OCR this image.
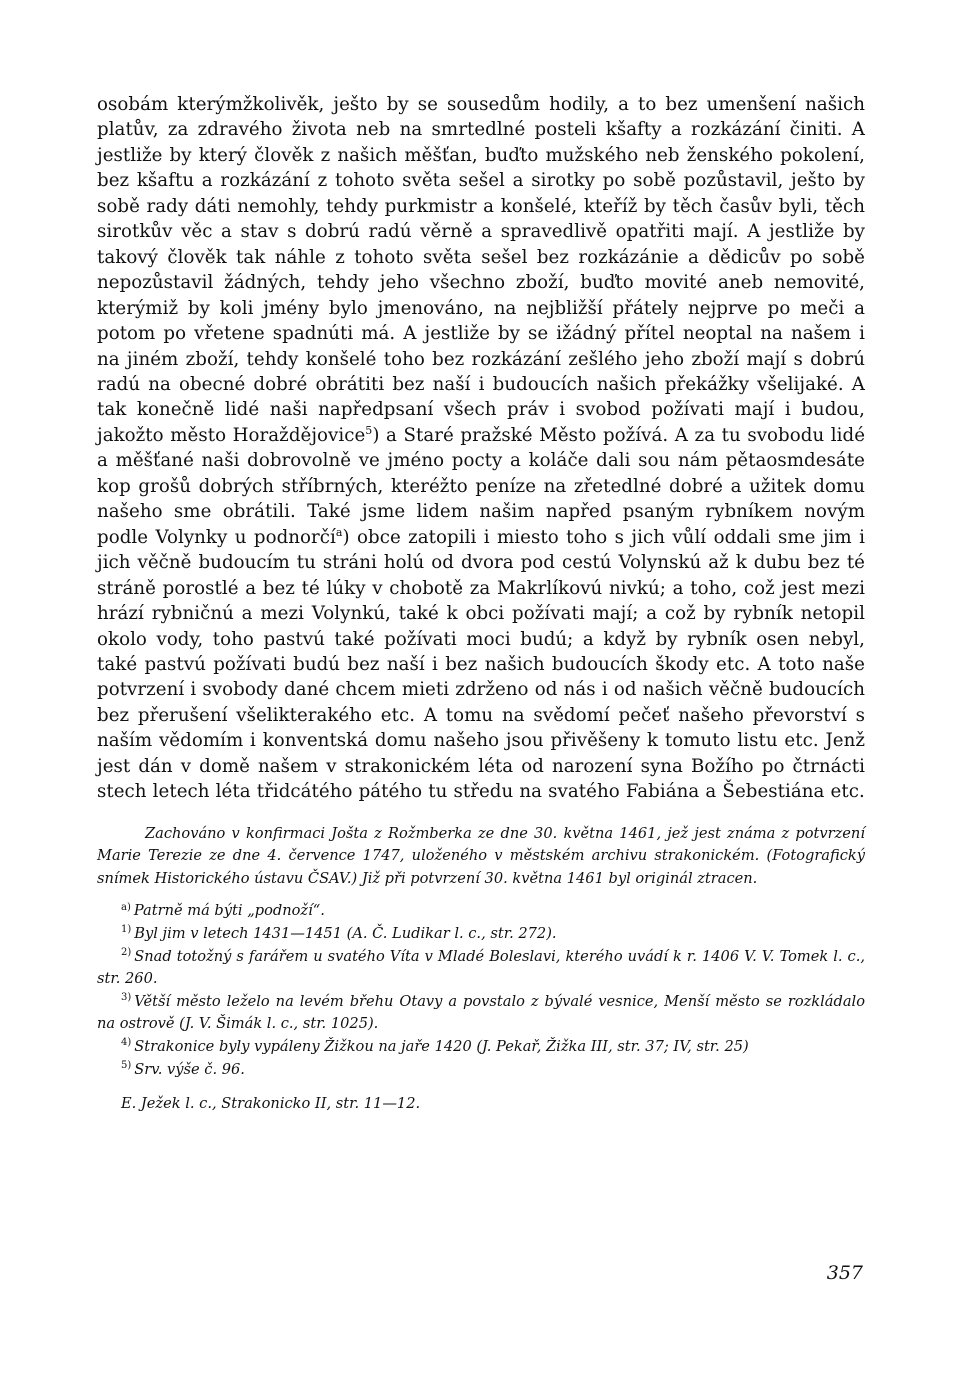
osobám kterýmžkolivěk, ješto by se sousedům hodily, a to bez umenšení našich platův, za zdravého života neb na smrtedlné posteli kšafty a rozkázání činiti. A jestliže by který člověk z našich měšťan, buďto mužského neb ženského pokolení, bez kšaftu a rozkázání z tohoto světa sešel a sirotky po sobě pozůstavil, ješto by sobě rady dáti nemohly, tehdy purkmistr a konšelé, kteříž by těch časův byli, těch sirotkův věc a stav s dobrú radú věrně a spravedlivě opatřiti mají. A jestliže by takový člověk tak náhle z tohoto světa sešel bez rozkázánie a dědicův po sobě nepozůstavil žádných, tehdy jeho všechno zboží, buďto movité aneb nemovité, kterýmiž by koli jmény bylo jmenováno, na nejbližší přátely nejprve po meči a potom po vřetene spadnúti má. A jestliže by se ižádný přítel neoptal na našem i na jiném zboží, tehdy konšelé toho bez rozkázání zešlého jeho zboží mají s dobrú radú na obecné dobré obrátiti bez naší i budoucích našich překážky všelijaké. A tak konečně lidé naši napředpsaní všech práv i svobod požívati mají i budou, jakožto město Horaždějovice$^5$) a Staré pražské Město požívá. A za tu svobodu lidé a měšťané naši dobrovolně ve jméno pocty a koláče dali sou nám pětaosmdesáte kop grošů dobrých stříbrných, kteréžto peníze na zřetedlné dobré a užitek domu našeho sme obrátili. Také jsme lidem našim napřed psaným rybníkem novým podle Volynky u podnorčí$^a$) obce zatopili i miesto toho s jich vůlí oddali sme jim i jich věčně budoucím tu stráni holú od dvora pod cestú Volynskú až k dubu bez té stráně porostlé a bez té lúky v chobotě za Makrlíkovú nivkú; a toho, což jest mezi hrází rybničnú a mezi Volynkú, také k obci požívati mají; a což by rybník netopil okolo vody, toho pastvú také požívati moci budú; a když by rybník osen nebyl, také pastvú požívati budú bez naší i bez našich budoucích škody etc. A toto naše potvrzení i svobody dané chcem mieti zdrženo od nás i od našich věčně budoucích bez přerušení všelikterakého etc. A tomu na svědomí pečeť našeho převorství s naším vědomím i konventská domu našeho jsou přivěšeny k tomuto listu etc. Jenž jest dán v domě našem v strakonickém léta od narození syna Božího po čtrnácti stech letech léta třidcátého pátého tu středu na svatého Fabiána a Šebestiána etc.

Zachováno v konfirmaci Jošta z Rožmberka ze dne 30. května 1461, jež jest známa z potvrzení Marie Terezie ze dne 4. července 1747, uloženého v městském archivu strakonickém. (Fotografický snímek Historického ústavu ČSAV.) Již při potvrzení 30. května 1461 byl originál ztracen.

$^{a)}$ Patrně má býti „podnoží“.

$^{1)}$ Byl jim v letech 1431—1451 (A. Č. Ludikar l. c., str. 272).

$^{2)}$ Snad totožný s farářem u svatého Víta v Mladé Boleslavi, kterého uvádí k r. 1406 V. V. Tomek l. c., str. 260.

$^{3)}$ Větší město leželo na levém břehu Otavy a povstalo z bývalé vesnice, Menší město se rozkládalo na ostrově (J. V. Šimák l. c., str. 1025).

$^{4)}$ Strakonice byly vypáleny Žižkou na jaře 1420 (J. Pekař, Žižka III, str. 37; IV, str. 25)

$^{5)}$ Srv. výše č. 96.

E. Ježek l. c., Strakonicko II, str. 11—12.

357
